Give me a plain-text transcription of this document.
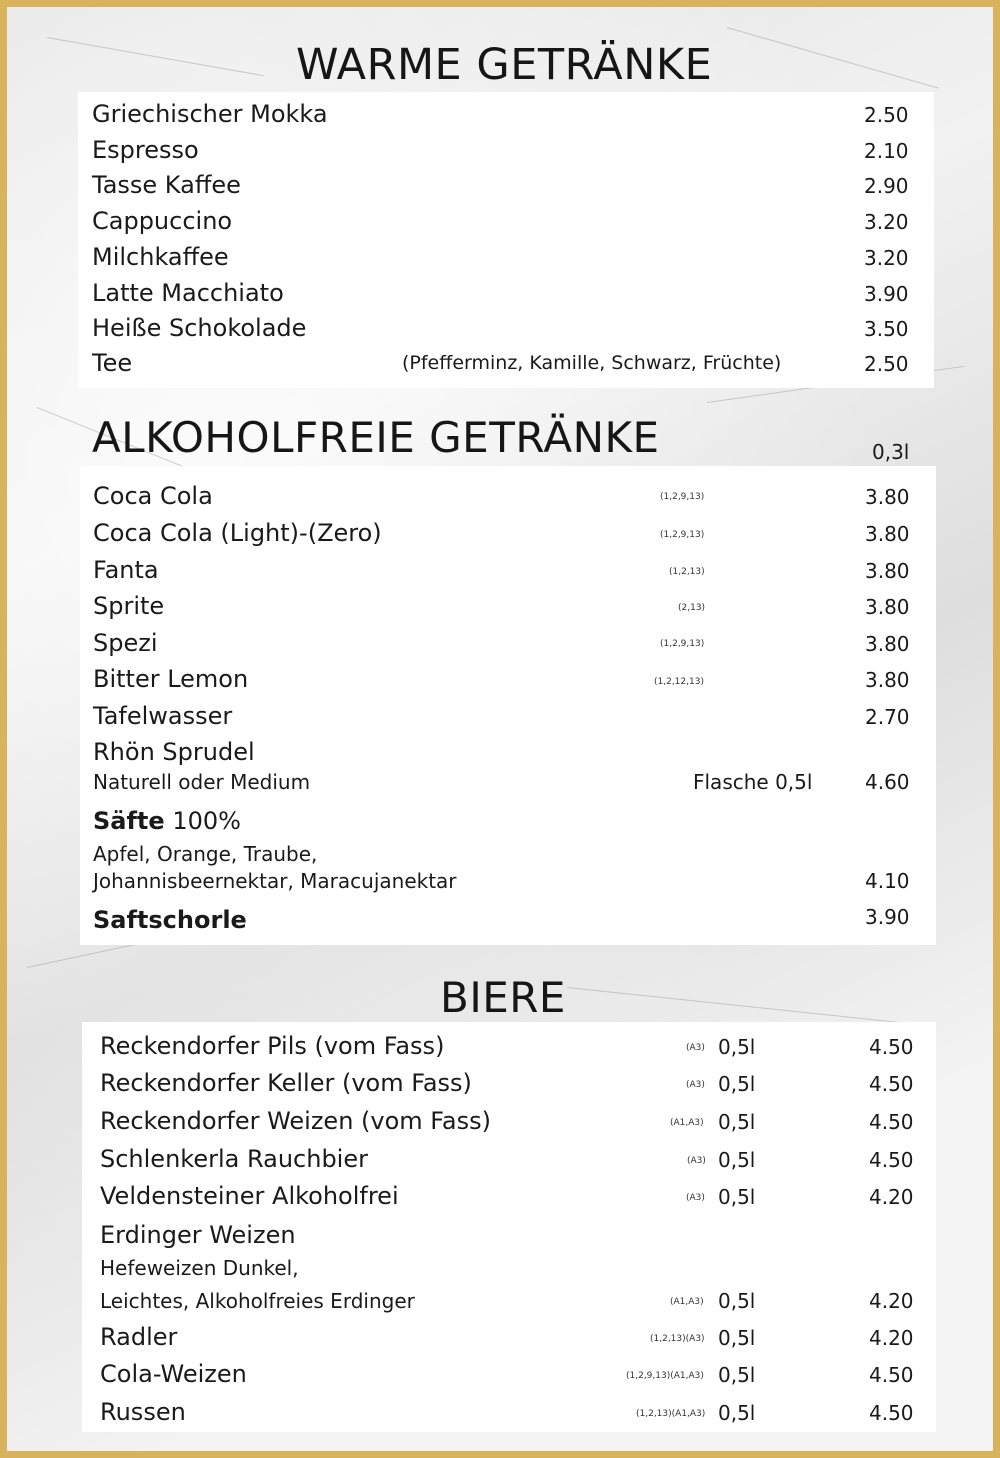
WARME GETRÄNKE
Griechischer Mokka	2.50
Espresso	2.10
Tasse Kaffee	2.90
Cappuccino	3.20
Milchkaffee	3.20
Latte Macchiato	3.90
Heiße Schokolade	3.50
Tee	(Pfefferminz, Kamille, Schwarz, Früchte)	2.50
ALKOHOLFREIE GETRÄNKE	0,3l
Coca Cola	(1,2,9,13)	3.80
Coca Cola (Light)-(Zero)	(1,2,9,13)	3.80
Fanta	(1,2,13)	3.80
Sprite	(2,13)	3.80
Spezi	(1,2,9,13)	3.80
Bitter Lemon	(1,2,12,13)	3.80
Tafelwasser	2.70
Rhön Sprudel
Naturell oder Medium	Flasche 0,5l	4.60
Säfte 100%
Apfel, Orange, Traube,
Johannisbeernektar, Maracujanektar	4.10
Saftschorle	3.90
BIERE
Reckendorfer Pils (vom Fass)	(A3) 0,5l	4.50
Reckendorfer Keller (vom Fass)	(A3) 0,5l	4.50
Reckendorfer Weizen (vom Fass)	(A1,A3) 0,5l	4.50
Schlenkerla Rauchbier	(A3) 0,5l	4.50
Veldensteiner Alkoholfrei	(A3) 0,5l	4.20
Erdinger Weizen
Hefeweizen Dunkel,
Leichtes, Alkoholfreies Erdinger	(A1,A3) 0,5l	4.20
Radler	(1,2,13)(A3) 0,5l	4.20
Cola-Weizen	(1,2,9,13)(A1,A3) 0,5l	4.50
Russen	(1,2,13)(A1,A3) 0,5l	4.50
